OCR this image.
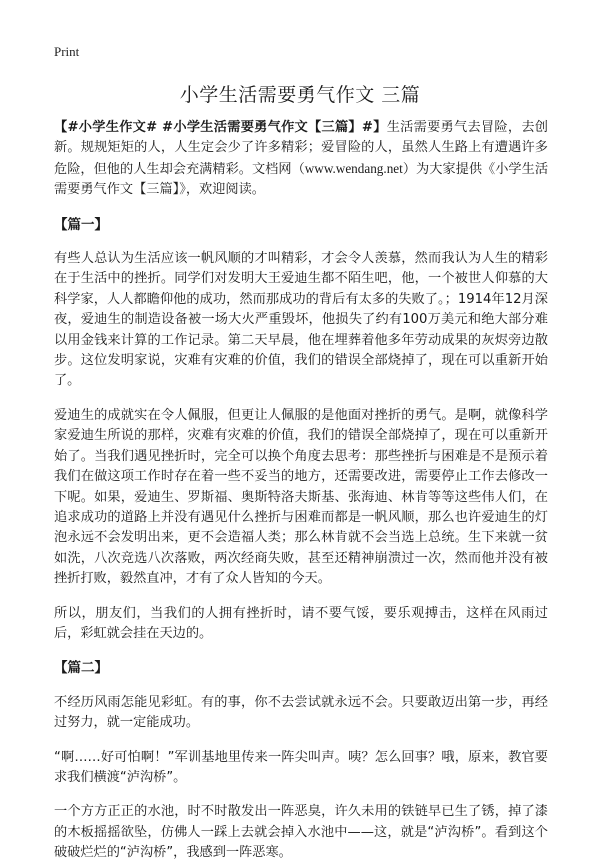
Print
小学生活需要勇气作文 三篇

【#小学生作文# #小学生活需要勇气作文【三篇】#】生活需要勇气去冒险，去创新。规规矩矩的人，人生定会少了许多精彩；爱冒险的人，虽然人生路上有遭遇许多危险，但他的人生却会充满精彩。文档网（www.wendang.net）为大家提供《小学生活需要勇气作文【三篇】》，欢迎阅读。

【篇一】

有些人总认为生活应该一帆风顺的才叫精彩，才会令人羡慕，然而我认为人生的精彩在于生活中的挫折。同学们对发明大王爱迪生都不陌生吧，他，一个被世人仰慕的大科学家，人人都瞻仰他的成功，然而那成功的背后有太多的失败了。；1914年12月深夜，爱迪生的制造设备被一场大火严重毁坏，他损失了约有100万美元和绝大部分难以用金钱来计算的工作记录。第二天早晨，他在埋葬着他多年劳动成果的灰烬旁边散步。这位发明家说，灾难有灾难的价值，我们的错误全部烧掉了，现在可以重新开始了。

爱迪生的成就实在令人佩服，但更让人佩服的是他面对挫折的勇气。是啊，就像科学家爱迪生所说的那样，灾难有灾难的价值，我们的错误全部烧掉了，现在可以重新开始了。当我们遇见挫折时，完全可以换个角度去思考：那些挫折与困难是不是预示着我们在做这项工作时存在着一些不妥当的地方，还需要改进，需要停止工作去修改一下呢。如果，爱迪生、罗斯福、奥斯特洛夫斯基、张海迪、林肯等等这些伟人们，在追求成功的道路上并没有遇见什么挫折与困难而都是一帆风顺，那么也许爱迪生的灯泡永远不会发明出来，更不会造福人类；那么林肯就不会当选上总统。生下来就一贫如洗，八次竞选八次落败，两次经商失败，甚至还精神崩溃过一次，然而他并没有被挫折打败，毅然直冲，才有了众人皆知的今天。

所以，朋友们，当我们的人拥有挫折时，请不要气馁，要乐观搏击，这样在风雨过后，彩虹就会挂在天边的。

【篇二】

不经历风雨怎能见彩虹。有的事，你不去尝试就永远不会。只要敢迈出第一步，再经过努力，就一定能成功。

“啊……好可怕啊！”军训基地里传来一阵尖叫声。咦？怎么回事？哦，原来，教官要求我们横渡“泸沟桥”。

一个方方正正的水池，时不时散发出一阵恶臭，许久未用的铁链早已生了锈，掉了漆的木板摇摇欲坠，仿佛人一踩上去就会掉入水池中——这，就是“泸沟桥”。看到这个破破烂烂的“泸沟桥”，我感到一阵恶寒。
